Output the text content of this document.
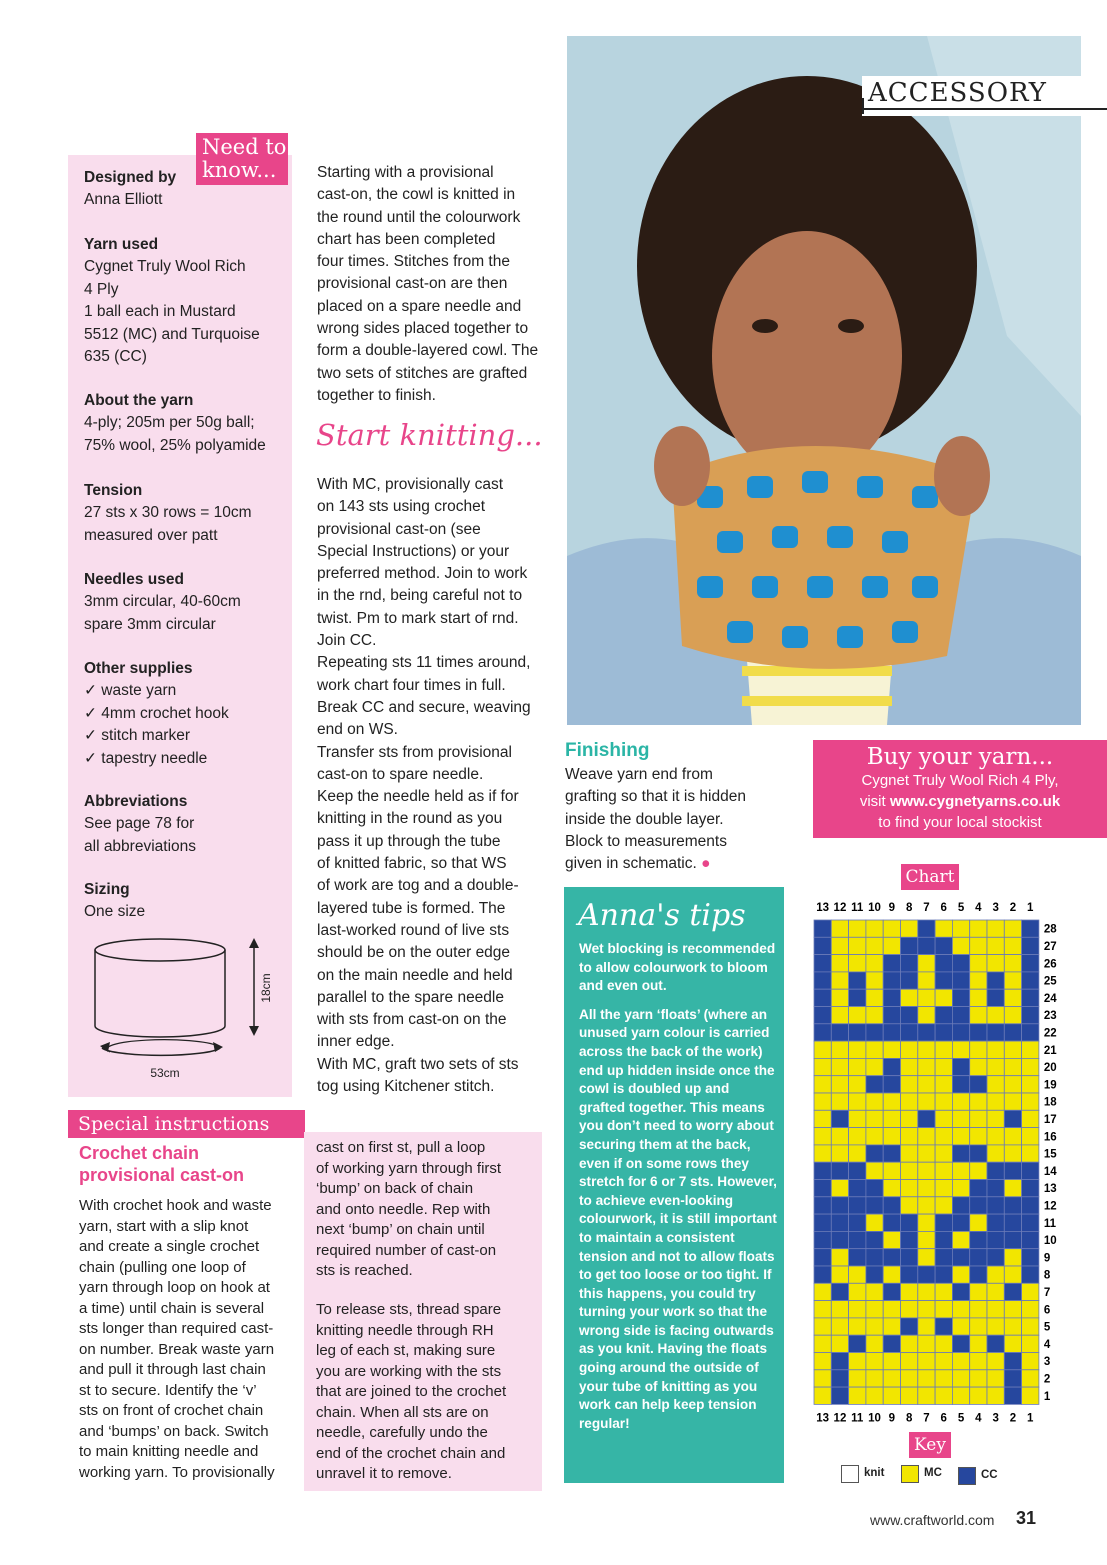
Need to know...
Designed by
Anna Elliott
Yarn used
Cygnet Truly Wool Rich
4 Ply
1 ball each in Mustard
5512 (MC) and Turquoise
635 (CC)
About the yarn
4-ply; 205m per 50g ball;
75% wool, 25% polyamide
Tension
27 sts x 30 rows = 10cm
measured over patt
Needles used
3mm circular, 40-60cm
spare 3mm circular
Other supplies
✓ waste yarn
✓ 4mm crochet hook
✓ stitch marker
✓ tapestry needle
Abbreviations
See page 78 for
all abbreviations
Sizing
One size
18cm
53cm
Starting with a provisional
cast-on, the cowl is knitted in
the round until the colourwork
chart has been completed
four times. Stitches from the
provisional cast-on are then
placed on a spare needle and
wrong sides placed together to
form a double-layered cowl. The
two sets of stitches are grafted
together to finish.
Start knitting...
With MC, provisionally cast
on 143 sts using crochet
provisional cast-on (see
Special Instructions) or your
preferred method. Join to work
in the rnd, being careful not to
twist. Pm to mark start of rnd.
Join CC.
Repeating sts 11 times around,
work chart four times in full.
Break CC and secure, weaving
end on WS.
Transfer sts from provisional
cast-on to spare needle.
Keep the needle held as if for
knitting in the round as you
pass it up through the tube
of knitted fabric, so that WS
of work are tog and a double-
layered tube is formed. The
last-worked round of live sts
should be on the outer edge
on the main needle and held
parallel to the spare needle
with sts from cast-on on the
inner edge.
With MC, graft two sets of sts
tog using Kitchener stitch.
Special instructions
Crochet chain
provisional cast-on
With crochet hook and waste
yarn, start with a slip knot
and create a single crochet
chain (pulling one loop of
yarn through loop on hook at
a time) until chain is several
sts longer than required cast-
on number. Break waste yarn
and pull it through last chain
st to secure. Identify the ‘v’
sts on front of crochet chain
and ‘bumps’ on back. Switch
to main knitting needle and
working yarn. To provisionally
cast on first st, pull a loop
of working yarn through first
‘bump’ on back of chain
and onto needle. Rep with
next ‘bump’ on chain until
required number of cast-on
sts is reached.
To release sts, thread spare
knitting needle through RH
leg of each st, making sure
you are working with the sts
that are joined to the crochet
chain. When all sts are on
needle, carefully undo the
end of the crochet chain and
unravel it to remove.
ACCESSORY
Finishing
Weave yarn end from
grafting so that it is hidden
inside the double layer.
Block to measurements
given in schematic. ●
Anna's tips

Wet blocking is recommended to allow colourwork to bloom and even out.

All the yarn ‘floats’ (where an unused yarn colour is carried across the back of the work) end up hidden inside once the cowl is doubled up and grafted together. This means you don’t need to worry about securing them at the back, even if on some rows they stretch for 6 or 7 sts. However, to achieve even-looking colourwork, it is still important to maintain a consistent tension and not to allow floats to get too loose or too tight. If this happens, you could try turning your work so that the wrong side is facing outwards as you knit. Having the floats going around the outside of your tube of knitting as you work can help keep tension regular!

Buy your yarn...
Cygnet Truly Wool Rich 4 Ply,
visit www.cygnetyarns.co.uk
to find your local stockist
Chart
13
13
12
12
11
11
10
10
9
9
8
8
7
7
6
6
5
5
4
4
3
3
2
2
1
1
28
27
26
25
24
23
22
21
20
19
18
17
16
15
14
13
12
11
10
9
8
7
6
5
4
3
2
1
Key
knit	MC	CC
www.craftworld.com 31
